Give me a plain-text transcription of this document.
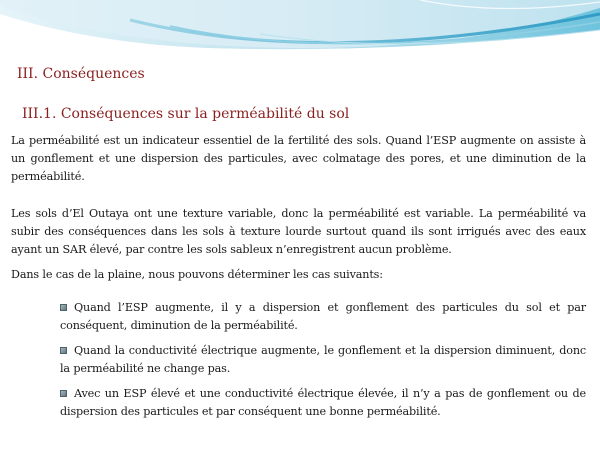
III. Conséquences
III.1. Conséquences sur la perméabilité du sol
La perméabilité est un indicateur essentiel de la fertilité des sols. Quand l’ESP augmente on assiste à un gonflement et une dispersion des particules, avec colmatage des pores, et une diminution de la perméabilité.
Les sols d’El Outaya ont une texture variable, donc la perméabilité est variable. La perméabilité va subir des conséquences dans les sols à texture lourde surtout quand ils sont irrigués avec des eaux ayant un SAR élevé, par contre les sols sableux n’enregistrent aucun problème.
Dans le cas de la plaine, nous pouvons déterminer les cas suivants:
Quand l’ESP augmente, il y a dispersion et gonflement des particules du sol et par conséquent, diminution de la perméabilité.
Quand la conductivité électrique augmente, le gonflement et la dispersion diminuent, donc la perméabilité ne change pas.
Avec un ESP élevé et une conductivité électrique élevée, il n’y a pas de gonflement ou de dispersion des particules et par conséquent une bonne perméabilité.
